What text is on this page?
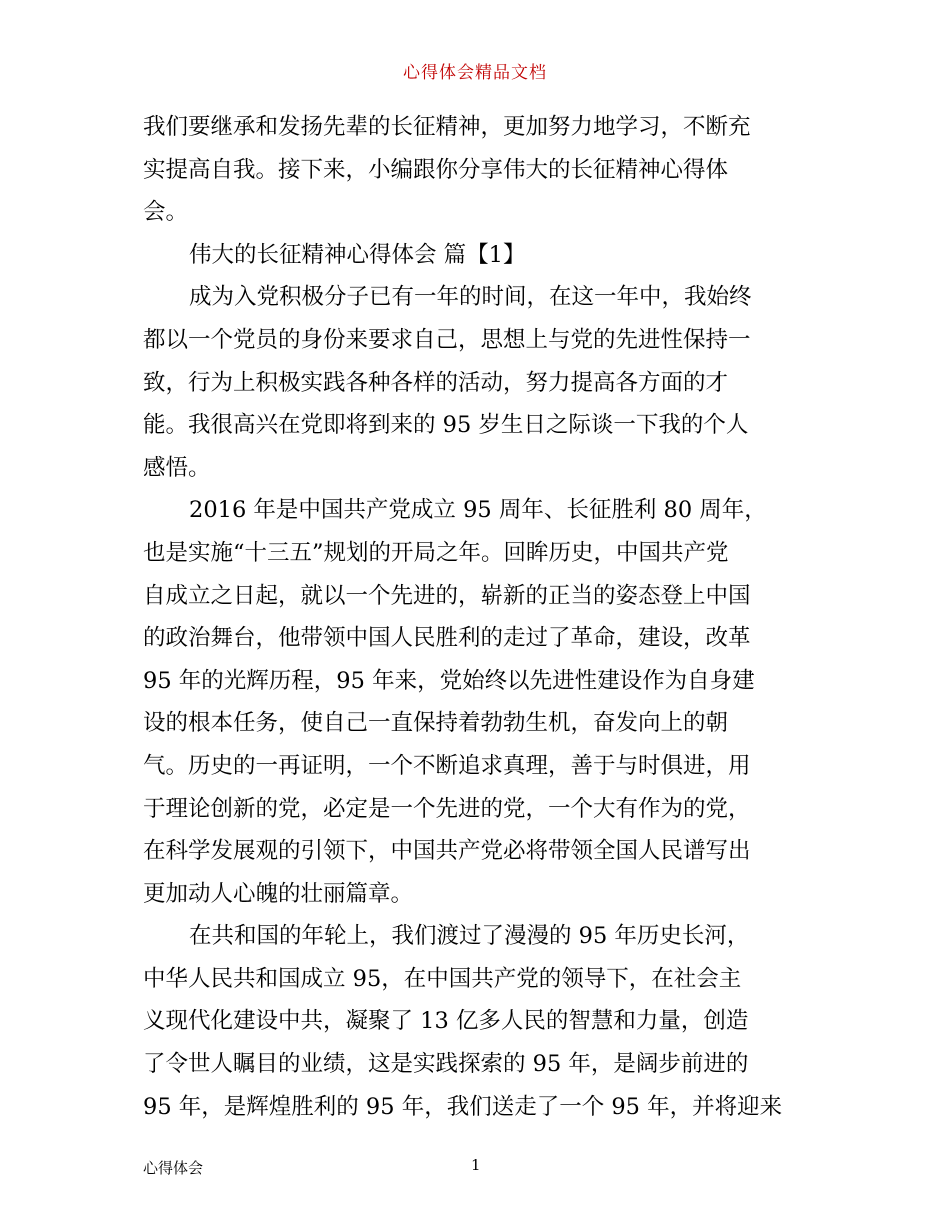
心得体会精品文档
我们要继承和发扬先辈的长征精神，更加努力地学习，不断充
实提高自我。接下来，小编跟你分享伟大的长征精神心得体
会。
伟大的长征精神心得体会 篇【1】
成为入党积极分子已有一年的时间，在这一年中，我始终
都以一个党员的身份来要求自己，思想上与党的先进性保持一
致，行为上积极实践各种各样的活动，努力提高各方面的才
能。我很高兴在党即将到来的 95 岁生日之际谈一下我的个人
感悟。
2016 年是中国共产党成立 95 周年、长征胜利 80 周年，
也是实施“十三五”规划的开局之年。回眸历史，中国共产党
自成立之日起，就以一个先进的，崭新的正当的姿态登上中国
的政治舞台，他带领中国人民胜利的走过了革命，建设，改革
95 年的光辉历程，95 年来，党始终以先进性建设作为自身建
设的根本任务，使自己一直保持着勃勃生机，奋发向上的朝
气。历史的一再证明，一个不断追求真理，善于与时俱进，用
于理论创新的党，必定是一个先进的党，一个大有作为的党，
在科学发展观的引领下，中国共产党必将带领全国人民谱写出
更加动人心魄的壮丽篇章。
在共和国的年轮上，我们渡过了漫漫的 95 年历史长河，
中华人民共和国成立 95，在中国共产党的领导下，在社会主
义现代化建设中共，凝聚了 13 亿多人民的智慧和力量，创造
了令世人瞩目的业绩，这是实践探索的 95 年，是阔步前进的
95 年，是辉煌胜利的 95 年，我们送走了一个 95 年，并将迎来
心得体会	1
